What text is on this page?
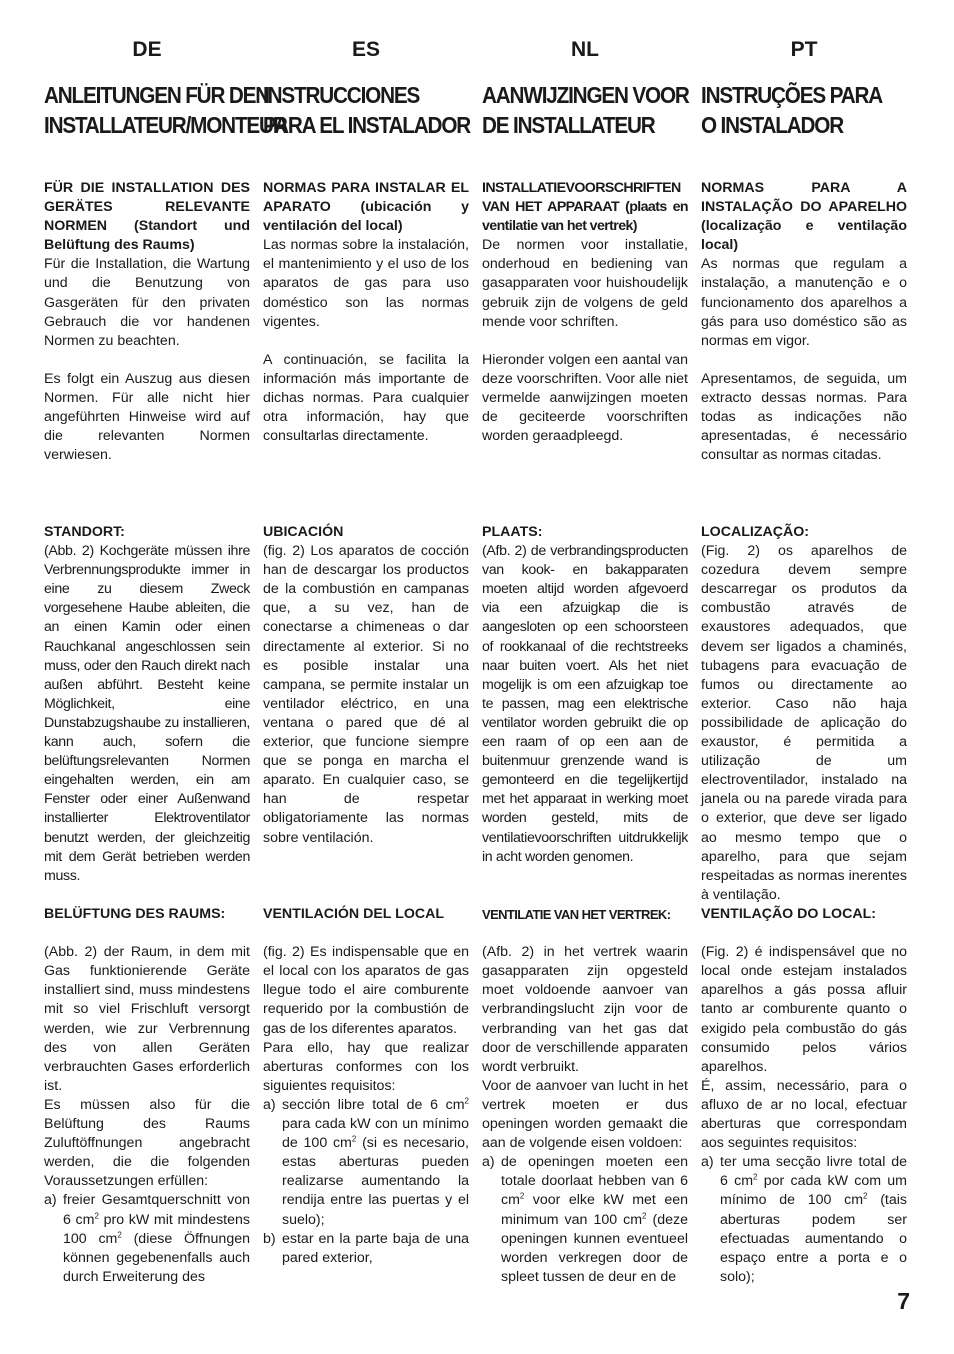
DE
ANLEITUNGEN FÜR DEN
INSTALLATEUR/MONTEUR

FÜR DIE INSTALLATION DES GERÄTES RELEVANTE NORMEN (Standort und Belüftung des Raums)

Für die Installation, die Wartung und die Benutzung von Gasgeräten für den privaten Gebrauch die vor handenen Normen zu beachten.

Es folgt ein Auszug aus diesen Normen. Für alle nicht hier angeführten Hinweise wird auf die relevanten Normen verwiesen.

STANDORT:

(Abb. 2) Kochgeräte müssen ihre Verbrennungsprodukte immer in eine zu diesem Zweck vorgesehene Haube ableiten, die an einen Kamin oder einen Rauchkanal angeschlossen sein muss, oder den Rauch direkt nach außen abführt. Besteht keine Möglichkeit, eine Dunstabzugshaube zu installieren, kann auch, sofern die belüftungsrelevanten Normen eingehalten werden, ein am Fenster oder einer Außenwand installierter Elektroventilator benutzt werden, der gleichzeitig mit dem Gerät betrieben werden muss.

BELÜFTUNG DES RAUMS:

(Abb. 2) der Raum, in dem mit Gas funktionierende Geräte installiert sind, muss mindestens mit so viel Frischluft versorgt werden, wie zur Verbrennung des von allen Geräten verbrauchten Gases erforderlich ist.

Es müssen also für die Belüftung des Raums Zuluftöffnungen angebracht werden, die die folgenden Voraussetzungen erfüllen:

a) freier Gesamtquerschnitt von 6 $cm^2$ pro kW mit mindestens 100 $cm^2$ (diese Öffnungen können gegebenenfalls auch durch Erweiterung des
ES
INSTRUCCIONES
PARA EL INSTALADOR

NORMAS PARA INSTALAR EL APARATO (ubicación y ventilación del local)

Las normas sobre la instalación, el mantenimiento y el uso de los aparatos de gas para uso doméstico son las normas vigentes.

A continuación, se facilita la información más importante de dichas normas. Para cualquier otra información, hay que consultarlas directamente.

UBICACIÓN

(fig. 2) Los aparatos de cocción han de descargar los productos de la combustión en campanas que, a su vez, han de conectarse a chimeneas o dar directamente al exterior. Si no es posible instalar una campana, se permite instalar un ventilador eléctrico, en una ventana o pared que dé al exterior, que funcione siempre que se ponga en marcha el aparato. En cualquier caso, se han de respetar obligatoriamente las normas sobre ventilación.

VENTILACIÓN DEL LOCAL

(fig. 2) Es indispensable que en el local con los aparatos de gas llegue todo el aire comburente requerido por la combustión de gas de los diferentes aparatos.

Para ello, hay que realizar aberturas conformes con los siguientes requisitos:

a) sección libre total de 6 $cm^2$ para cada kW con un mínimo de 100 $cm^2$ (si es necesario, estas aberturas pueden realizarse aumentando la rendija entre las puertas y el suelo);
b) estar en la parte baja de una pared exterior,
NL
AANWIJZINGEN VOOR
DE INSTALLATEUR

INSTALLATIEVOORSCHRIFTEN VAN HET APPARAAT (plaats en ventilatie van het vertrek)

De normen voor installatie, onderhoud en bediening van gasapparaten voor huishoudelijk gebruik zijn de volgens de geld mende voor schriften.

Hieronder volgen een aantal van deze voorschriften. Voor alle niet vermelde aanwijzingen moeten de geciteerde voorschriften worden geraadpleegd.

PLAATS:

(Afb. 2) de verbrandingsproducten van kook- en bakapparaten moeten altijd worden afgevoerd via een afzuigkap die is aangesloten op een schoorsteen of rookkanaal of die rechtstreeks naar buiten voert. Als het niet mogelijk is om een afzuigkap toe te passen, mag een elektrische ventilator worden gebruikt die op een raam of op een aan de buitenmuur grenzende wand is gemonteerd en die tegelijkertijd met het apparaat in werking moet worden gesteld, mits de ventilatievoorschriften uitdrukkelijk in acht worden genomen.

VENTILATIE VAN HET VERTREK:

(Afb. 2) in het vertrek waarin gasapparaten zijn opgesteld moet voldoende aanvoer van verbrandingslucht zijn voor de verbranding van het gas dat door de verschillende apparaten wordt verbruikt.

Voor de aanvoer van lucht in het vertrek moeten er dus openingen worden gemaakt die aan de volgende eisen voldoen:

a) de openingen moeten een totale doorlaat hebben van 6 $cm^2$ voor elke kW met een minimum van 100 $cm^2$ (deze openingen kunnen eventueel worden verkregen door de spleet tussen de deur en de
PT
INSTRUÇÕES PARA
O INSTALADOR

NORMAS PARA A INSTALAÇÃO DO APARELHO (localização e ventilação local)

As normas que regulam a instalação, a manutenção e o funcionamento dos aparelhos a gás para uso doméstico são as normas em vigor.

Apresentamos, de seguida, um extracto dessas normas. Para todas as indicações não apresentadas, é necessário consultar as normas citadas.

LOCALIZAÇÃO:

(Fig. 2) os aparelhos de cozedura devem sempre descarregar os produtos da combustão através de exaustores adequados, que devem ser ligados a chaminés, tubagens para evacuação de fumos ou directamente ao exterior. Caso não haja possibilidade de aplicação do exaustor, é permitida a utilização de um electroventilador, instalado na janela ou na parede virada para o exterior, que deve ser ligado ao mesmo tempo que o aparelho, para que sejam respeitadas as normas inerentes à ventilação.

VENTILAÇÃO DO LOCAL:

(Fig. 2) é indispensável que no local onde estejam instalados aparelhos a gás possa afluir tanto ar comburente quanto o exigido pela combustão do gás consumido pelos vários aparelhos.

É, assim, necessário, para o afluxo de ar no local, efectuar aberturas que correspondam aos seguintes requisitos:

a) ter uma secção livre total de 6 $cm^2$ por cada kW com um mínimo de 100 $cm^2$ (tais aberturas podem ser efectuadas aumentando o espaço entre a porta e o solo);
7
